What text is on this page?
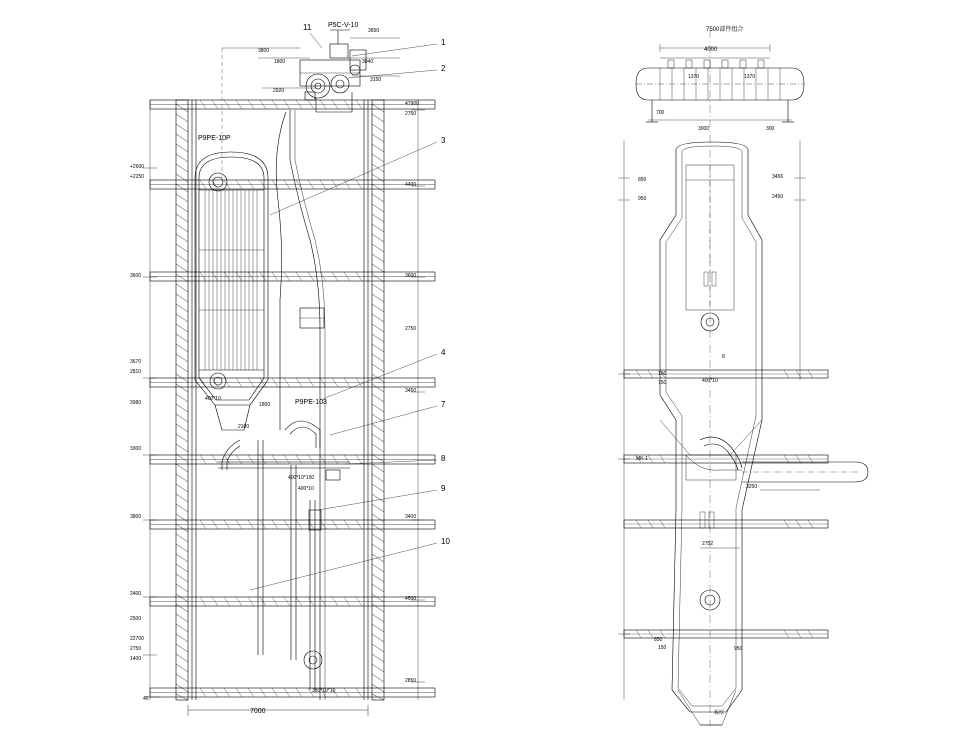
P5C-V-10
P9PE-10P
P9PE-103
400*10
400*10*150
400*10
380*10*10
2100
1800
7000
40
11
1
2
3
4
7
8
9
10
+2600
+2250
3600
3670
2810
3980
3300
3800
2400
2500
22700
2750
1400
47900
2750
4400
3600
2750
3450
3400
4500
2850
3800
1800
2920
3650
3040
3150
7500部件组合
4000
1370	1370
700
3000	300
400*10
150
750
3250
2752
150
850
950
板厚
850
950
MK-1
3456
2450
8
